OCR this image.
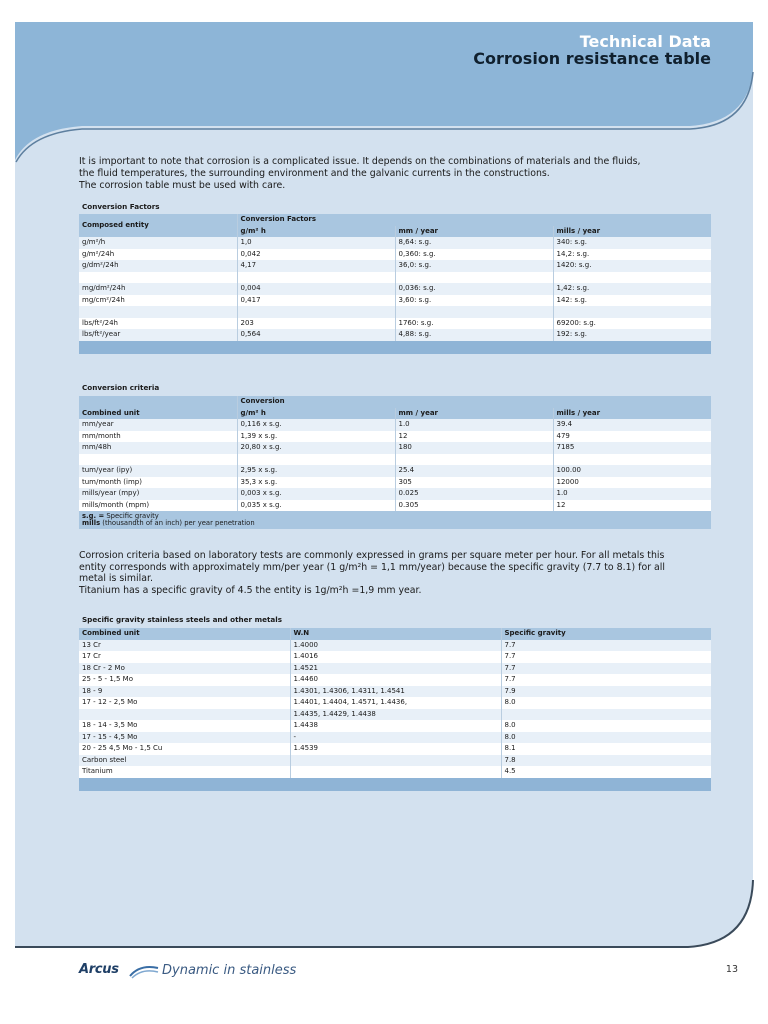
Technical Data
Corrosion resistance table
It is important to note that corrosion is a complicated issue. It depends on the combinations of materials and the fluids,
the fluid temperatures, the surrounding environment and the galvanic currents in the constructions.
The corrosion table must be used with care.
Conversion Factors
Composed entity	Conversion Factors		
	g/m² h	mm / year	mills / year
g/m²/h	1,0	8,64: s.g.	340: s.g.
g/m²/24h	0,042	0,360: s.g.	14,2: s.g.
g/dm²/24h	4,17	36,0: s.g.	1420: s.g.

mg/dm²/24h	0,004	0,036: s.g.	1,42: s.g.
mg/cm²/24h	0,417	3,60: s.g.	142: s.g.

lbs/ft²/24h	203	1760: s.g.	69200: s.g.
lbs/ft²/year	0,564	4,88: s.g.	192: s.g.

Conversion criteria
	Conversion		
Combined unit	g/m² h	mm / year	mills / year
mm/year	0,116 x s.g.	1.0	39.4
mm/month	1,39 x s.g.	12	479
mm/48h	20,80 x s.g.	180	7185

tum/year (ipy)	2,95 x s.g.	25.4	100.00
tum/month (imp)	35,3 x s.g.	305	12000
mills/year (mpy)	0,003 x s.g.	0.025	1.0
mills/month (mpm)	0,035 x s.g.	0.305	12

s.g. = Specific gravity
mills (thousandth of an inch) per year penetration			
Corrosion criteria based on laboratory tests are commonly expressed in grams per square meter per hour. For all metals this
entity corresponds with approximately mm/per year (1 g/m²h = 1,1 mm/year) because the specific gravity (7.7 to 8.1) for all
metal is similar.
Titanium has a specific gravity of 4.5 the entity is 1g/m²h =1,9 mm year.
Specific gravity stainless steels and other metals
Combined unit	W.N	Specific gravity
13 Cr	1.4000	7.7
17 Cr	1.4016	7.7
18 Cr - 2 Mo	1.4521	7.7
25 - 5 - 1,5 Mo	1.4460	7.7
18 - 9	1.4301, 1.4306, 1.4311, 1.4541	7.9
17 - 12 - 2,5 Mo	1.4401, 1.4404, 1.4571, 1.4436,	8.0
	1.4435, 1.4429, 1.4438	
18 - 14 - 3,5 Mo	1.4438	8.0
17 - 15 - 4,5 Mo	-	8.0
20 - 25 4,5 Mo - 1,5 Cu	1.4539	8.1
Carbon steel		7.8
Titanium		4.5

Arcus	Dynamic in stainless	13
